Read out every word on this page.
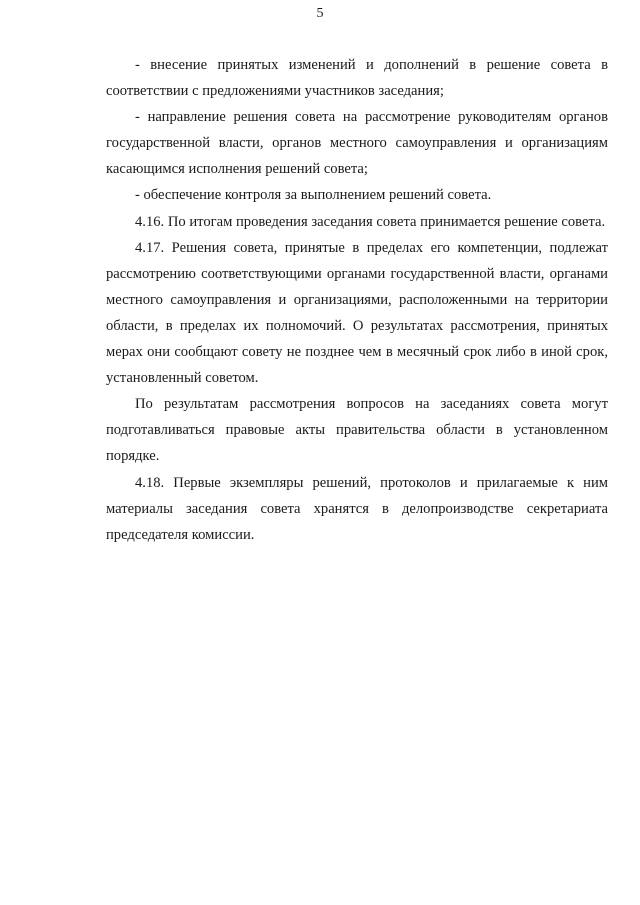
5

- внесение принятых изменений и дополнений в решение совета в соответствии с предложениями участников заседания;

- направление решения совета на рассмотрение руководителям органов государственной власти, органов местного самоуправления и организациям касающимся исполнения решений совета;

- обеспечение контроля за выполнением решений совета.

4.16. По итогам проведения заседания совета принимается решение совета.

4.17. Решения совета, принятые в пределах его компетенции, подлежат рассмотрению соответствующими органами государственной власти, органами местного самоуправления и организациями, расположенными на территории области, в пределах их полномочий. О результатах рассмотрения, принятых мерах они сообщают совету не позднее чем в месячный срок либо в иной срок, установленный советом.

По результатам рассмотрения вопросов на заседаниях совета могут подготавливаться правовые акты правительства области в установленном порядке.

4.18. Первые экземпляры решений, протоколов и прилагаемые к ним материалы заседания совета хранятся в делопроизводстве секретариата председателя комиссии.
